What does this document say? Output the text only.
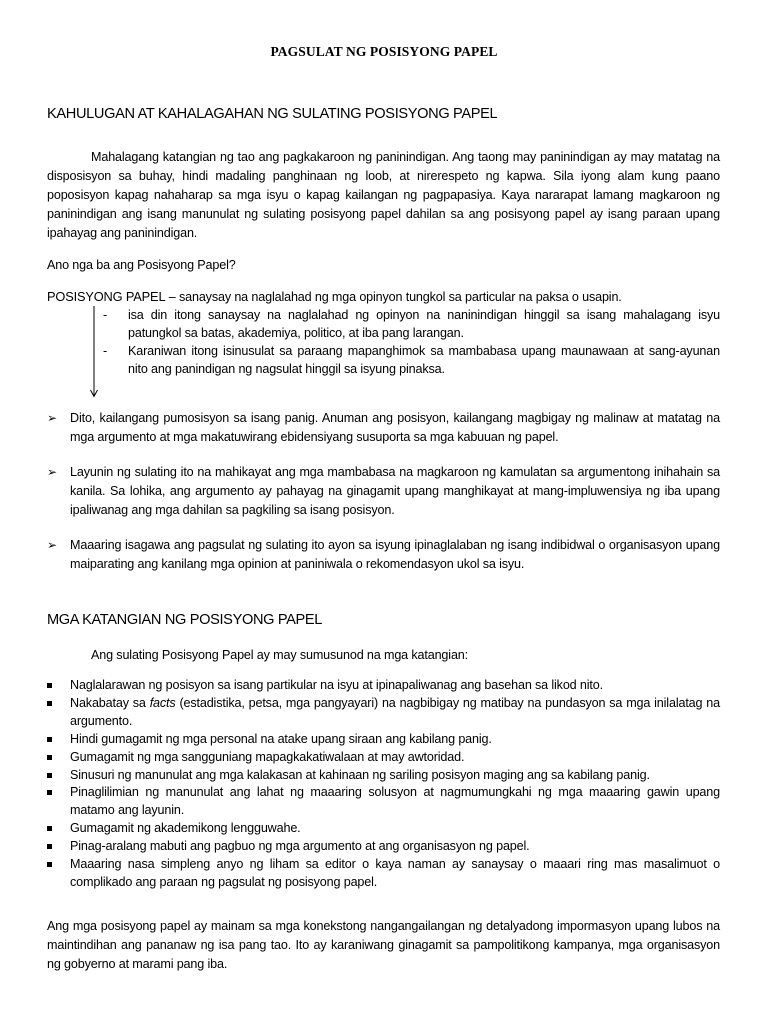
PAGSULAT NG POSISYONG PAPEL
KAHULUGAN AT KAHALAGAHAN NG SULATING POSISYONG PAPEL

Mahalagang katangian ng tao ang pagkakaroon ng paninindigan. Ang taong may paninindigan ay may matatag na disposisyon sa buhay, hindi madaling panghinaan ng loob, at nirerespeto ng kapwa. Sila iyong alam kung paano poposisyon kapag nahaharap sa mga isyu o kapag kailangan ng pagpapasiya. Kaya nararapat lamang magkaroon ng paninindigan ang isang manunulat ng sulating posisyong papel dahilan sa ang posisyong papel ay isang paraan upang ipahayag ang paninindigan.

Ano nga ba ang Posisyong Papel?

POSISYONG PAPEL – sanaysay na naglalahad ng mga opinyon tungkol sa particular na paksa o usapin.

- isa din itong sanaysay na naglalahad ng opinyon na naninindigan hinggil sa isang mahalagang isyu patungkol sa batas, akademiya, politico, at iba pang larangan.
- Karaniwan itong isinusulat sa paraang mapanghimok sa mambabasa upang maunawaan at sang-ayunan nito ang panindigan ng nagsulat hinggil sa isyung pinaksa.
➢	Dito, kailangang pumosisyon sa isang panig. Anuman ang posisyon, kailangang magbigay ng malinaw at matatag na mga argumento at mga makatuwirang ebidensiyang susuporta sa mga kabuuan ng papel.
➢	Layunin ng sulating ito na mahikayat ang mga mambabasa na magkaroon ng kamulatan sa argumentong inihahain sa kanila. Sa lohika, ang argumento ay pahayag na ginagamit upang manghikayat at mang-impluwensiya ng iba upang ipaliwanag ang mga dahilan sa pagkiling sa isang posisyon.
➢	Maaaring isagawa ang pagsulat ng sulating ito ayon sa isyung ipinaglalaban ng isang indibidwal o organisasyon upang maiparating ang kanilang mga opinion at paniniwala o rekomendasyon ukol sa isyu.
MGA KATANGIAN NG POSISYONG PAPEL

Ang sulating Posisyong Papel ay may sumusunod na mga katangian:

Naglalarawan ng posisyon sa isang partikular na isyu at ipinapaliwanag ang basehan sa likod nito.
Nakabatay sa facts (estadistika, petsa, mga pangyayari) na nagbibigay ng matibay na pundasyon sa mga inilalatag na argumento.
Hindi gumagamit ng mga personal na atake upang siraan ang kabilang panig.
Gumagamit ng mga sangguniang mapagkakatiwalaan at may awtoridad.
Sinusuri ng manunulat ang mga kalakasan at kahinaan ng sariling posisyon maging ang sa kabilang panig.
Pinaglilimian ng manunulat ang lahat ng maaaring solusyon at nagmumungkahi ng mga maaaring gawin upang matamo ang layunin.
Gumagamit ng akademikong lengguwahe.
Pinag-aralang mabuti ang pagbuo ng mga argumento at ang organisasyon ng papel.
Maaaring nasa simpleng anyo ng liham sa editor o kaya naman ay sanaysay o maaari ring mas masalimuot o complikado ang paraan ng pagsulat ng posisyong papel.

Ang mga posisyong papel ay mainam sa mga konekstong nangangailangan ng detalyadong impormasyon upang lubos na maintindihan ang pananaw ng isa pang tao. Ito ay karaniwang ginagamit sa pampolitikong kampanya, mga organisasyon ng gobyerno at marami pang iba.
